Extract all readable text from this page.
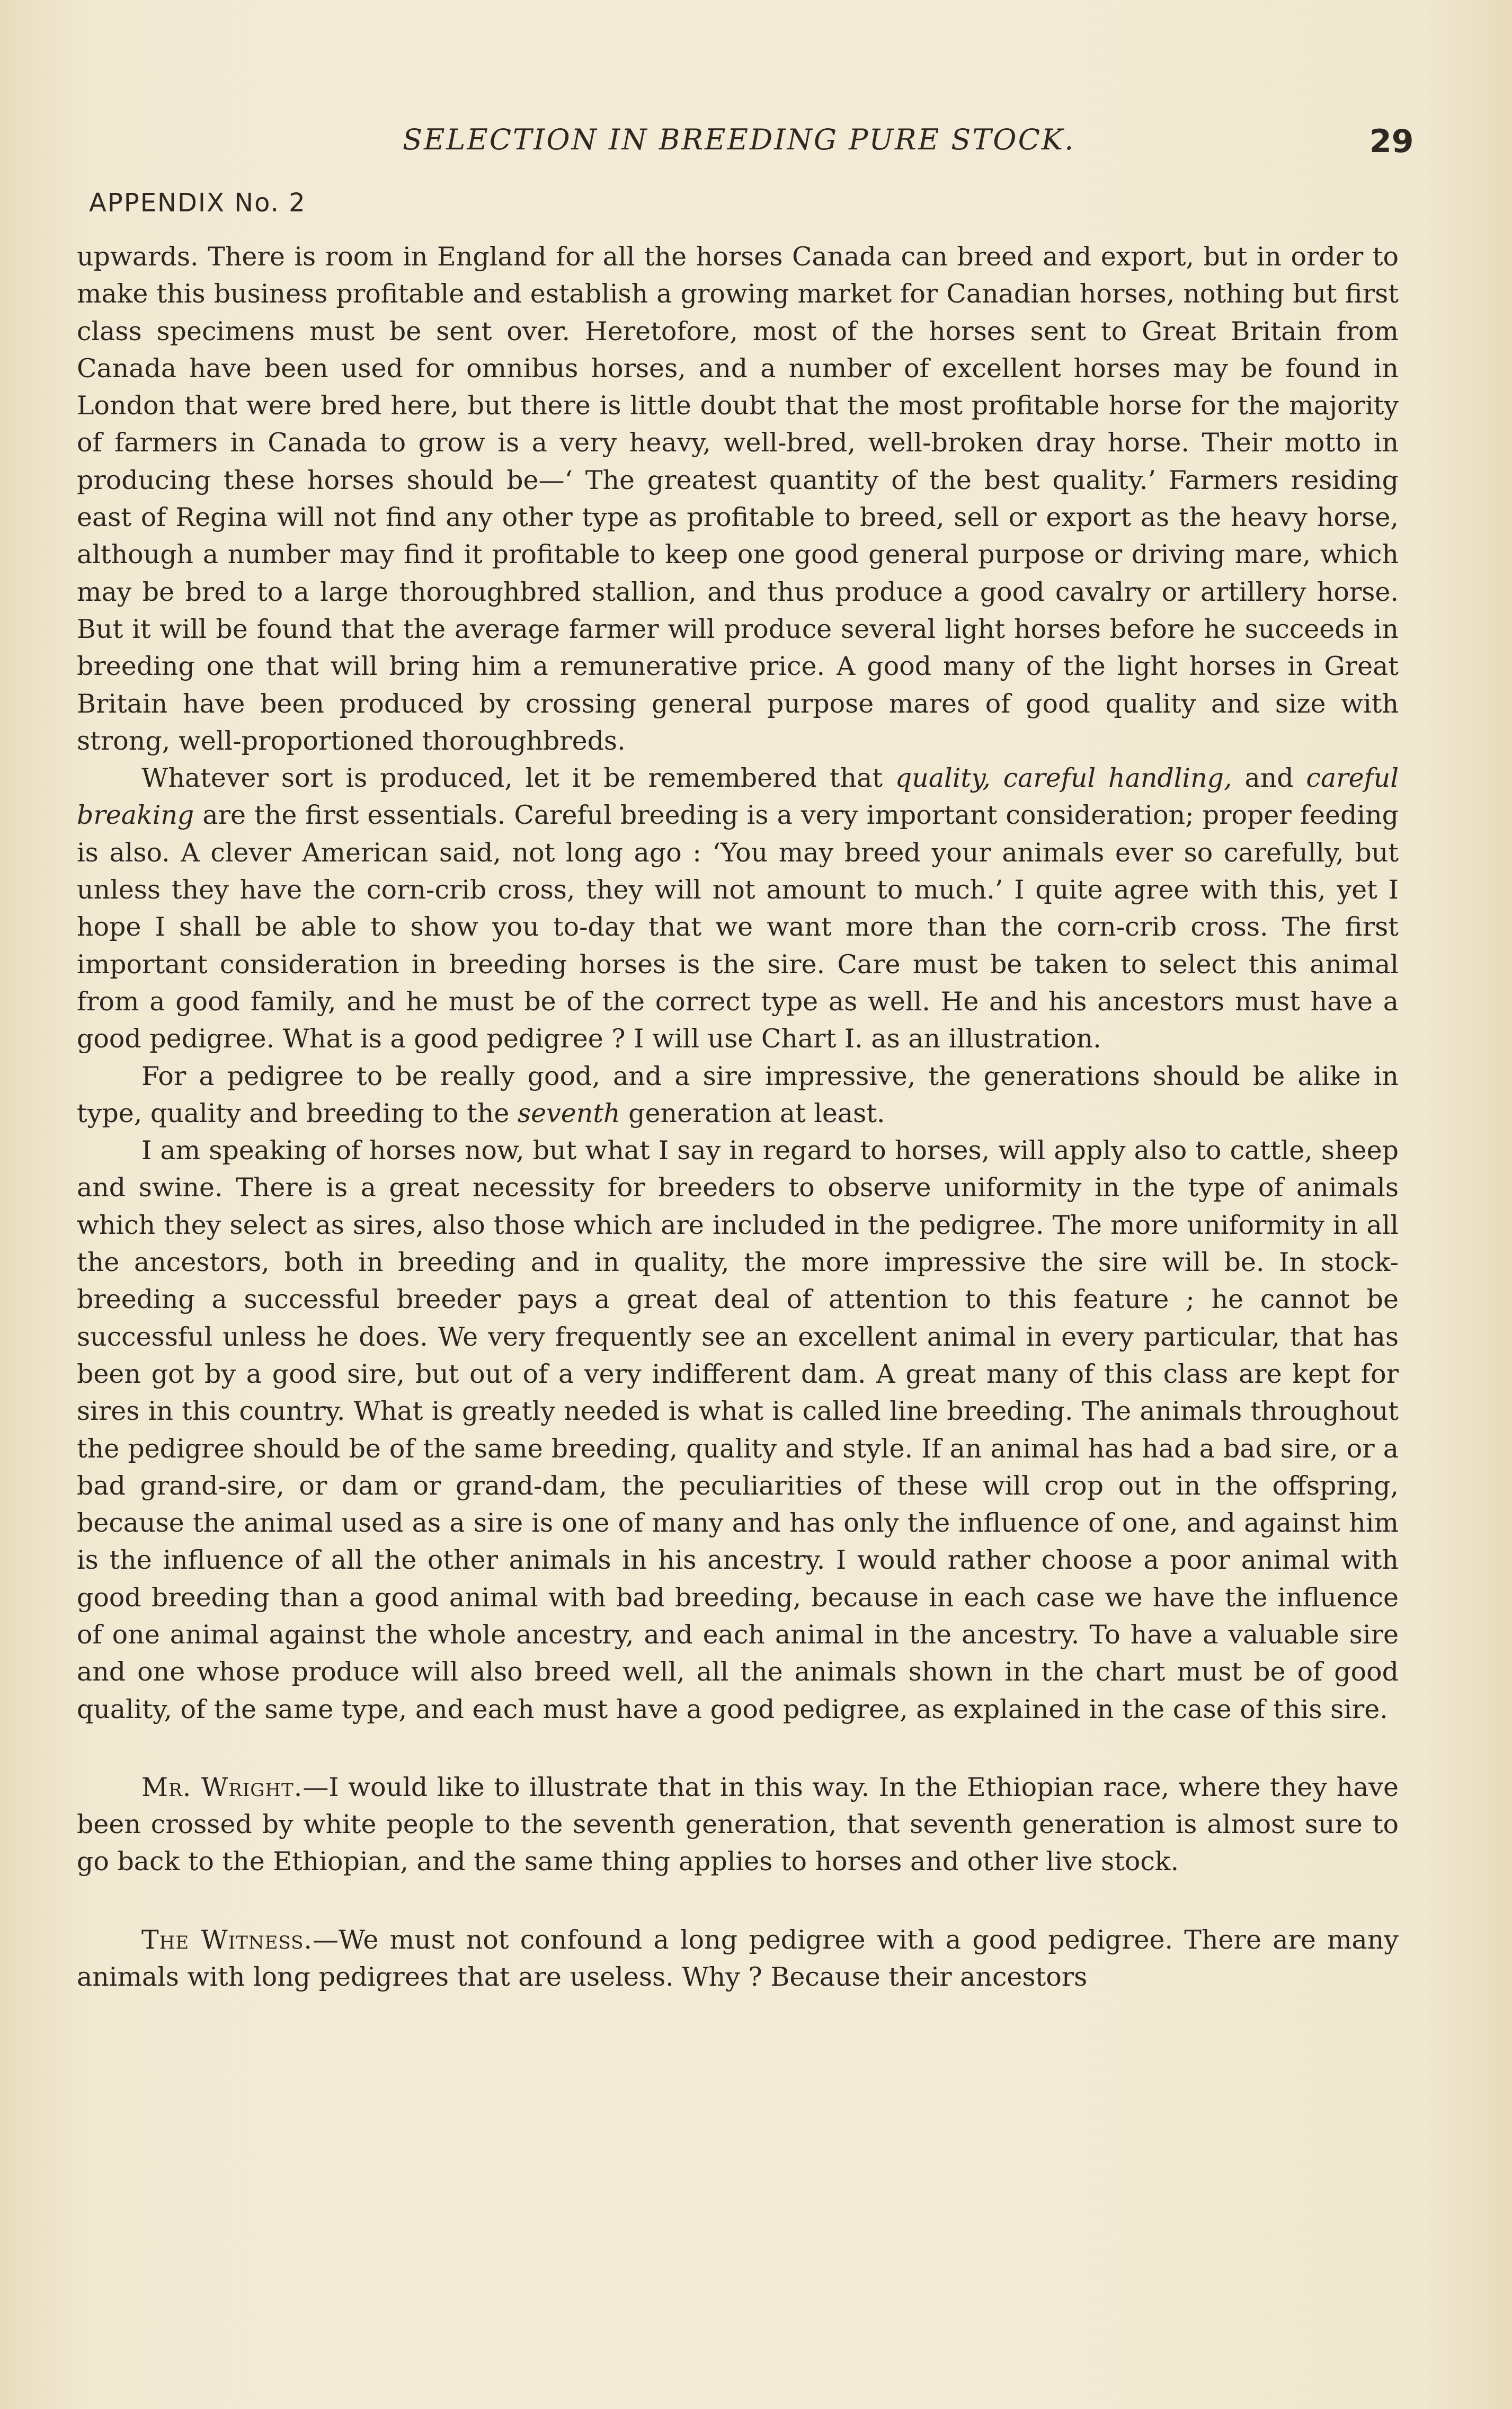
SELECTION IN BREEDING PURE STOCK.	29
APPENDIX No. 2

upwards. There is room in England for all the horses Canada can breed and export, but in order to make this business profitable and establish a growing market for Canadian horses, nothing but first class specimens must be sent over. Heretofore, most of the horses sent to Great Britain from Canada have been used for omnibus horses, and a number of excellent horses may be found in London that were bred here, but there is little doubt that the most profitable horse for the majority of farmers in Canada to grow is a very heavy, well-bred, well-broken dray horse. Their motto in producing these horses should be—‘ The greatest quantity of the best quality.’ Farmers residing east of Regina will not find any other type as profitable to breed, sell or export as the heavy horse, although a number may find it profitable to keep one good general purpose or driving mare, which may be bred to a large thoroughbred stallion, and thus produce a good cavalry or artillery horse. But it will be found that the average farmer will produce several light horses before he succeeds in breeding one that will bring him a remunerative price. A good many of the light horses in Great Britain have been produced by crossing general purpose mares of good quality and size with strong, well-proportioned thoroughbreds.

Whatever sort is produced, let it be remembered that quality, careful handling, and careful breaking are the first essentials. Careful breeding is a very important consideration; proper feeding is also. A clever American said, not long ago : ‘You may breed your animals ever so carefully, but unless they have the corn-crib cross, they will not amount to much.’ I quite agree with this, yet I hope I shall be able to show you to-day that we want more than the corn-crib cross. The first important consideration in breeding horses is the sire. Care must be taken to select this animal from a good family, and he must be of the correct type as well. He and his ancestors must have a good pedigree. What is a good pedigree ? I will use Chart I. as an illustration.

For a pedigree to be really good, and a sire impressive, the generations should be alike in type, quality and breeding to the seventh generation at least.

I am speaking of horses now, but what I say in regard to horses, will apply also to cattle, sheep and swine. There is a great necessity for breeders to observe uniformity in the type of animals which they select as sires, also those which are included in the pedigree. The more uniformity in all the ancestors, both in breeding and in quality, the more impressive the sire will be. In stock-breeding a successful breeder pays a great deal of attention to this feature ; he cannot be successful unless he does. We very frequently see an excellent animal in every particular, that has been got by a good sire, but out of a very indifferent dam. A great many of this class are kept for sires in this country. What is greatly needed is what is called line breeding. The animals throughout the pedigree should be of the same breeding, quality and style. If an animal has had a bad sire, or a bad grand-sire, or dam or grand-dam, the peculiarities of these will crop out in the offspring, because the animal used as a sire is one of many and has only the influence of one, and against him is the influence of all the other animals in his ancestry. I would rather choose a poor animal with good breeding than a good animal with bad breeding, because in each case we have the influence of one animal against the whole ancestry, and each animal in the ancestry. To have a valuable sire and one whose produce will also breed well, all the animals shown in the chart must be of good quality, of the same type, and each must have a good pedigree, as explained in the case of this sire.

Mr. Wright.—I would like to illustrate that in this way. In the Ethiopian race, where they have been crossed by white people to the seventh generation, that seventh generation is almost sure to go back to the Ethiopian, and the same thing applies to horses and other live stock.

The Witness.—We must not confound a long pedigree with a good pedigree. There are many animals with long pedigrees that are useless. Why ? Because their ancestors
